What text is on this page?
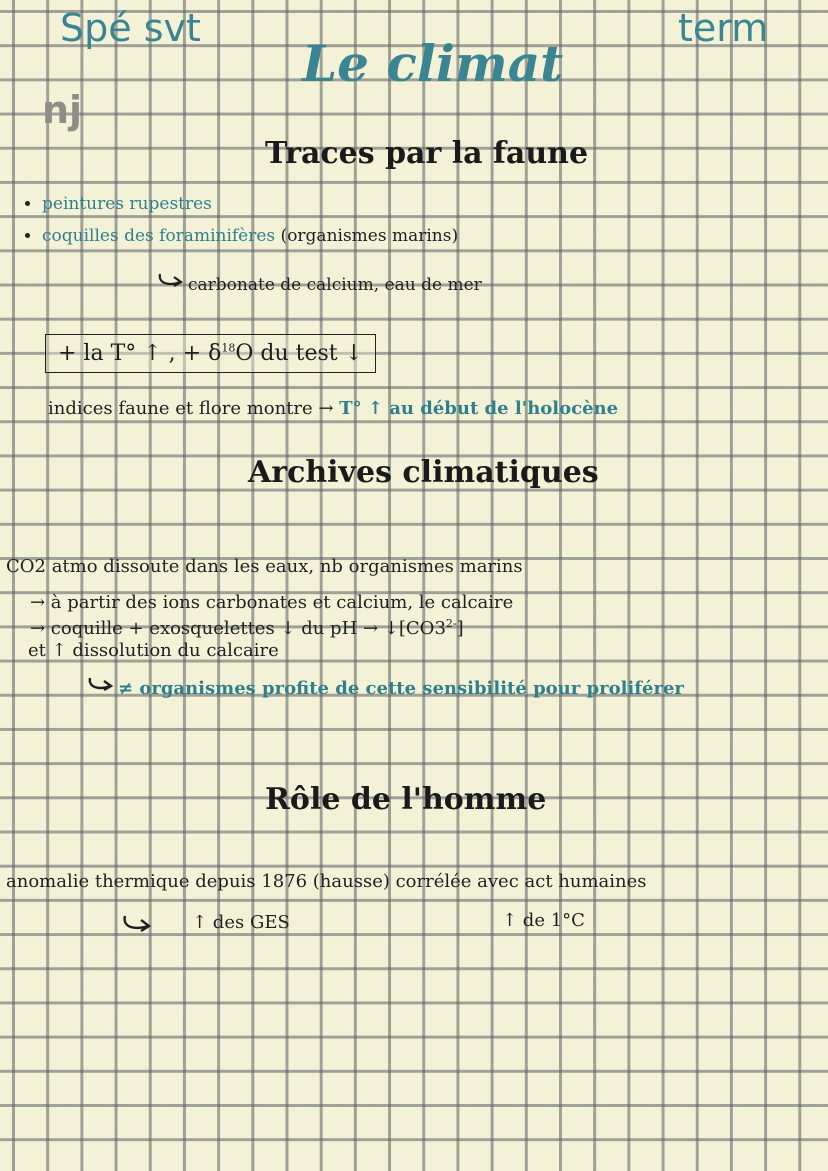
Spé svt	term
Le climat
nj
Traces par la faune
• peintures rupestres
• coquilles des foraminifères (organismes marins)
carbonate de calcium, eau de mer
+ la T° ↑ , + $\delta^{18}O$ du test ↓
indices faune et flore montre → T° ↑ au début de l'holocène
Archives climatiques
CO2 atmo dissoute dans les eaux, nb organismes marins
→ à partir des ions carbonates et calcium, le calcaire
→ coquille + exosquelettes ↓ du pH → $↓[CO3^{2-}]$
et ↑ dissolution du calcaire
≠ organismes profite de cette sensibilité pour proliférer
Rôle de l'homme
anomalie thermique depuis 1876 (hausse) corrélée avec act humaines
↑ des GES	↑ de 1°C
